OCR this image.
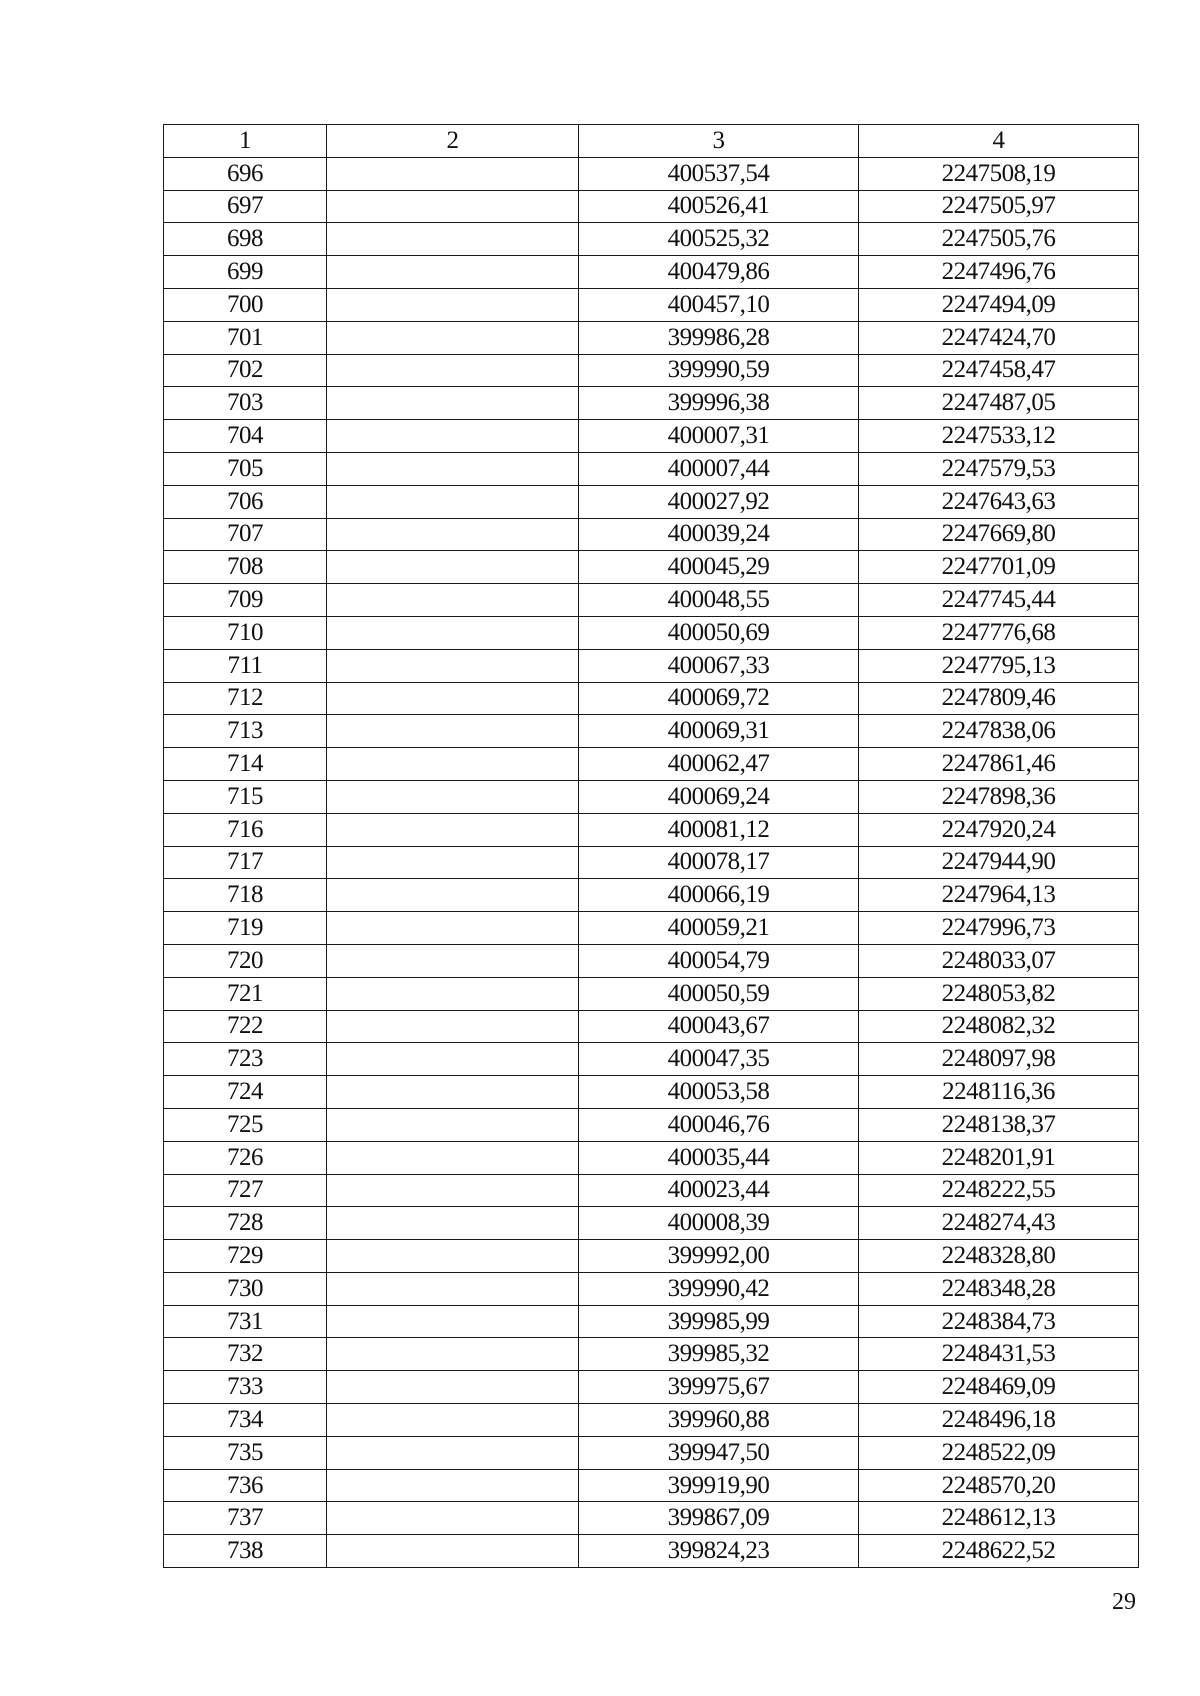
1	2	3	4
696		400537,54	2247508,19
697		400526,41	2247505,97
698		400525,32	2247505,76
699		400479,86	2247496,76
700		400457,10	2247494,09
701		399986,28	2247424,70
702		399990,59	2247458,47
703		399996,38	2247487,05
704		400007,31	2247533,12
705		400007,44	2247579,53
706		400027,92	2247643,63
707		400039,24	2247669,80
708		400045,29	2247701,09
709		400048,55	2247745,44
710		400050,69	2247776,68
711		400067,33	2247795,13
712		400069,72	2247809,46
713		400069,31	2247838,06
714		400062,47	2247861,46
715		400069,24	2247898,36
716		400081,12	2247920,24
717		400078,17	2247944,90
718		400066,19	2247964,13
719		400059,21	2247996,73
720		400054,79	2248033,07
721		400050,59	2248053,82
722		400043,67	2248082,32
723		400047,35	2248097,98
724		400053,58	2248116,36
725		400046,76	2248138,37
726		400035,44	2248201,91
727		400023,44	2248222,55
728		400008,39	2248274,43
729		399992,00	2248328,80
730		399990,42	2248348,28
731		399985,99	2248384,73
732		399985,32	2248431,53
733		399975,67	2248469,09
734		399960,88	2248496,18
735		399947,50	2248522,09
736		399919,90	2248570,20
737		399867,09	2248612,13
738		399824,23	2248622,52
29
